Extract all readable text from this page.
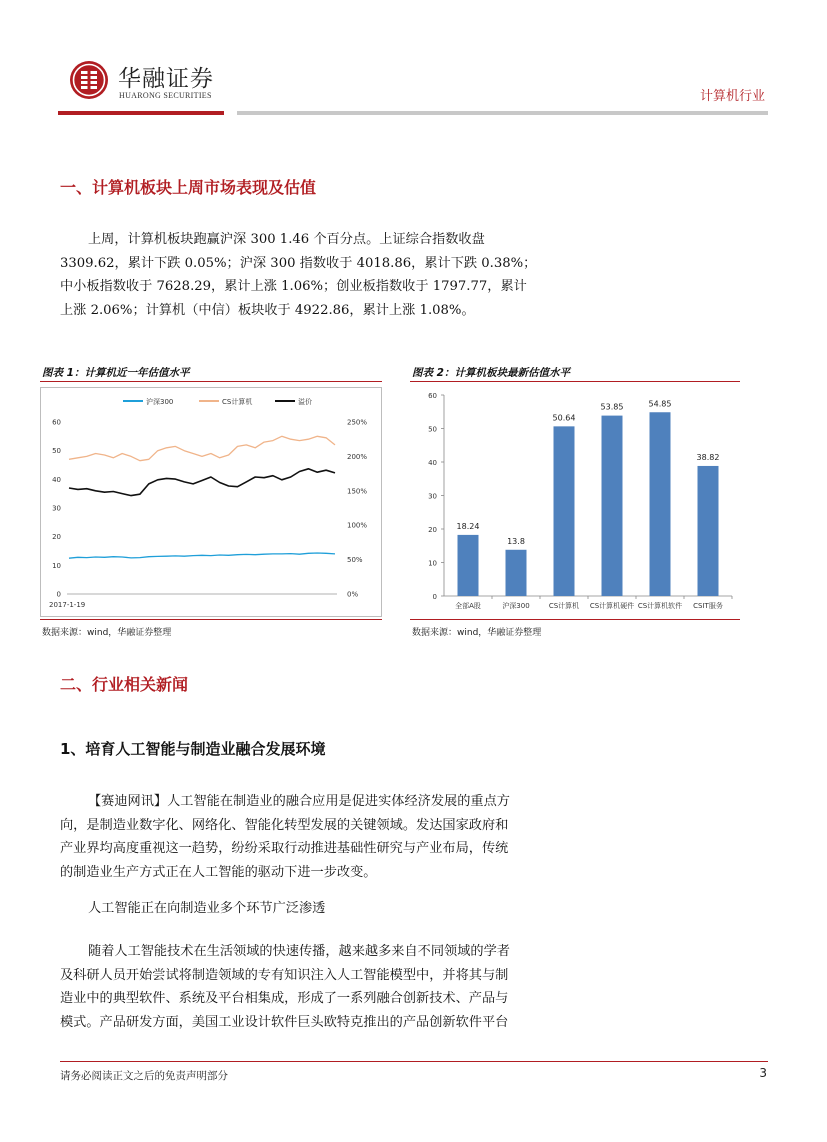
华融证券
HUARONG SECURITIES	计算机行业
一、计算机板块上周市场表现及估值
上周，计算机板块跑赢沪深 300 1.46 个百分点。上证综合指数收盘
3309.62，累计下跌 0.05%；沪深 300 指数收于 4018.86，累计下跌 0.38%；
中小板指数收于 7628.29，累计上涨 1.06%；创业板指数收于 1797.77，累计
上涨 2.06%；计算机（中信）板块收于 4922.86，累计上涨 1.08%。
图表 1：计算机近一年估值水平
0
10
20
30
40
50
60
0%
50%
100%
150%
200%
250%
2017-1-19
沪深300	CS计算机	溢价
数据来源：wind，华融证券整理
图表 2：计算机板块最新估值水平
0
10
20
30
40
50
60
18.24
全部A股
13.8
沪深300
50.64
CS计算机
53.85
CS计算机硬件
54.85
CS计算机软件
38.82
CSIT服务
数据来源：wind，华融证券整理
二、行业相关新闻
1、培育人工智能与制造业融合发展环境
【赛迪网讯】人工智能在制造业的融合应用是促进实体经济发展的重点方
向，是制造业数字化、网络化、智能化转型发展的关键领域。发达国家政府和
产业界均高度重视这一趋势，纷纷采取行动推进基础性研究与产业布局，传统
的制造业生产方式正在人工智能的驱动下进一步改变。
人工智能正在向制造业多个环节广泛渗透
随着人工智能技术在生活领域的快速传播，越来越多来自不同领域的学者
及科研人员开始尝试将制造领域的专有知识注入人工智能模型中，并将其与制
造业中的典型软件、系统及平台相集成，形成了一系列融合创新技术、产品与
模式。产品研发方面，美国工业设计软件巨头欧特克推出的产品创新软件平台
请务必阅读正文之后的免责声明部分	3
